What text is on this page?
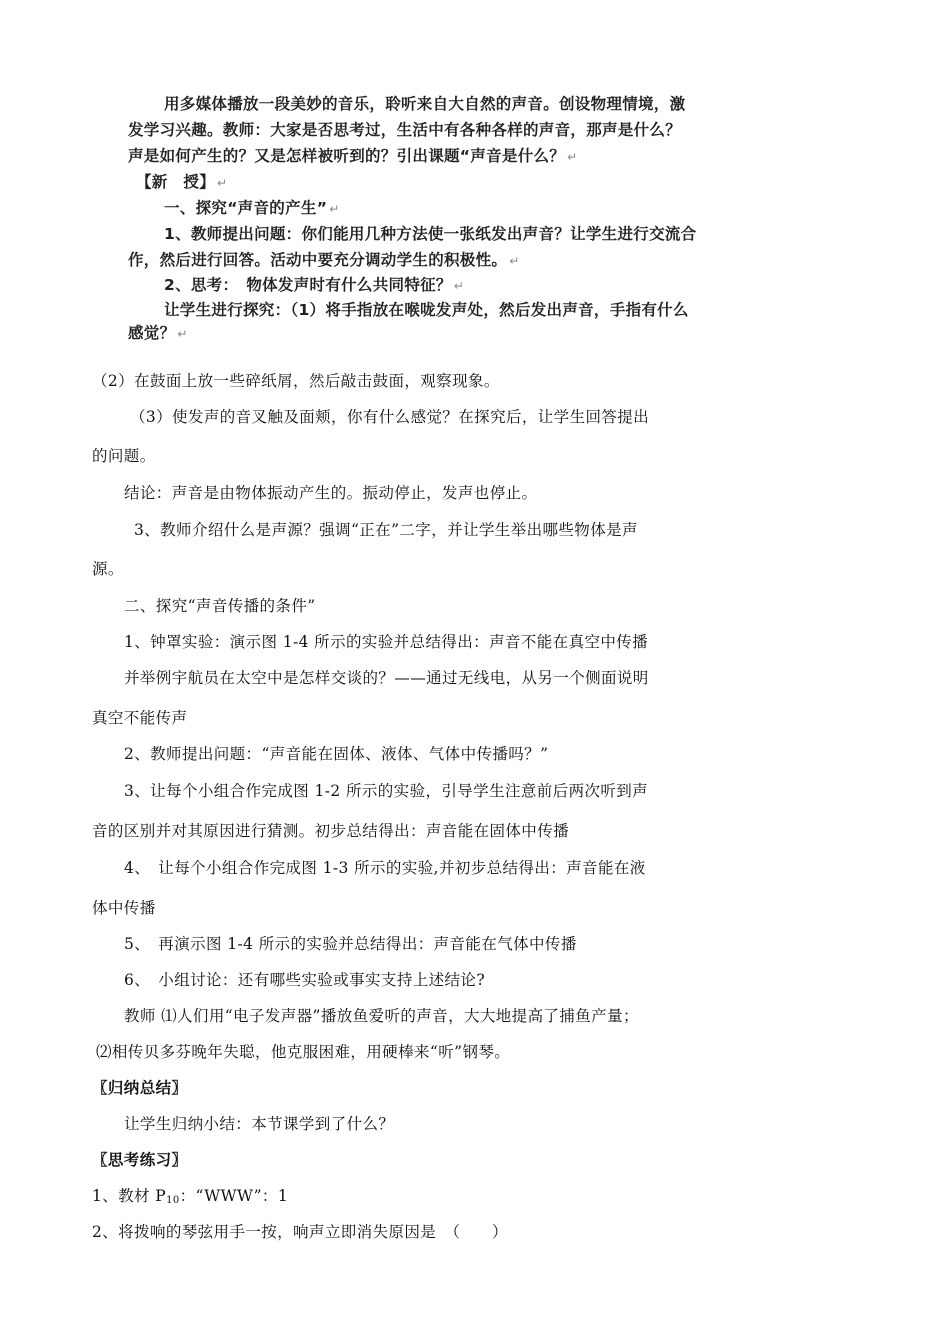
用多媒体播放一段美妙的音乐，聆听来自大自然的声音。创设物理情境，激
发学习兴趣。教师：大家是否思考过，生活中有各种各样的声音，那声是什么？
声是如何产生的？又是怎样被听到的？引出课题“声音是什么？ ↵
【新　授】 ↵
一、探究“声音的产生” ↵
1、教师提出问题：你们能用几种方法使一张纸发出声音？让学生进行交流合
作，然后进行回答。活动中要充分调动学生的积极性。 ↵
2、思考：　物体发声时有什么共同特征？ ↵
让学生进行探究：（1）将手指放在喉咙发声处，然后发出声音，手指有什么
感觉？ ↵
（2）在鼓面上放一些碎纸屑，然后敲击鼓面，观察现象。
（3）使发声的音叉触及面颊，你有什么感觉？在探究后，让学生回答提出
的问题。
结论：声音是由物体振动产生的。振动停止，发声也停止。
3、教师介绍什么是声源？强调“正在”二字，并让学生举出哪些物体是声
源。
二、探究“声音传播的条件”
1、钟罩实验：演示图 1-4 所示的实验并总结得出：声音不能在真空中传播
并举例宇航员在太空中是怎样交谈的？——通过无线电，从另一个侧面说明
真空不能传声
2、教师提出问题：“声音能在固体、液体、气体中传播吗？”
3、让每个小组合作完成图 1-2 所示的实验，引导学生注意前后两次听到声
音的区别并对其原因进行猜测。初步总结得出：声音能在固体中传播
4、　让每个小组合作完成图 1-3 所示的实验,并初步总结得出：声音能在液
体中传播
5、　再演示图 1-4 所示的实验并总结得出：声音能在气体中传播
6、　小组讨论：还有哪些实验或事实支持上述结论?
教师 ⑴人们用“电子发声器”播放鱼爱听的声音，大大地提高了捕鱼产量；
⑵相传贝多芬晚年失聪，他克服困难，用硬棒来“听”钢琴。
〖归纳总结〗
让学生归纳小结：本节课学到了什么？
〖思考练习〗
1、教材 $P_{10}$：“WWW”：1
2、将拨响的琴弦用手一按，响声立即消失原因是　（　　）
